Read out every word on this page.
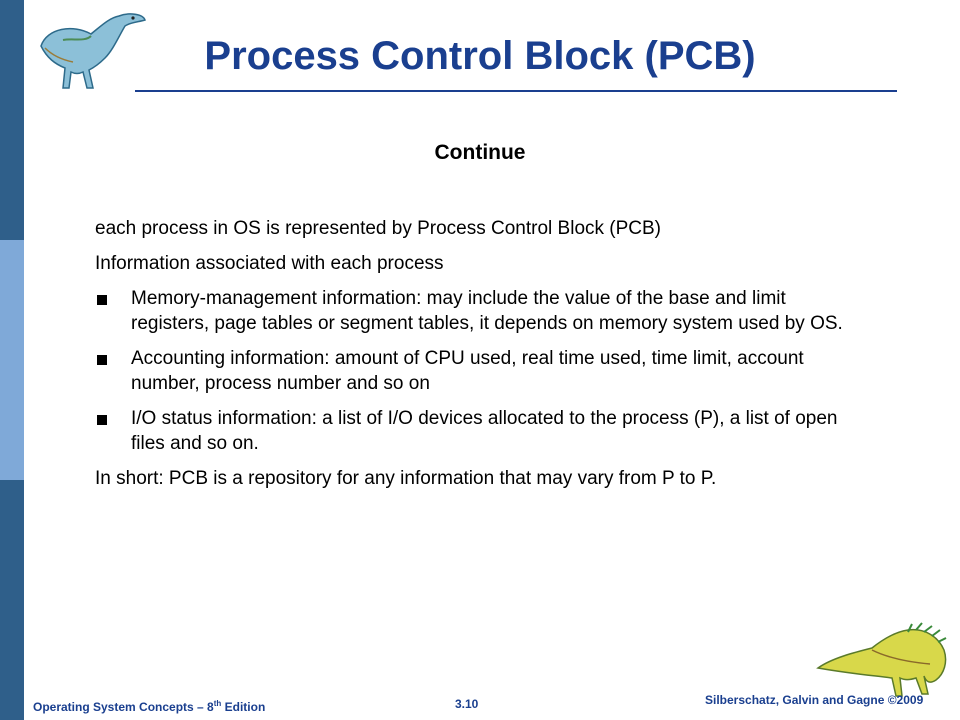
Process Control Block (PCB)

Continue

each process in OS is represented by Process Control Block (PCB)

Information associated with each process

Memory-management information: may include the value of the base and limit registers, page tables or segment tables, it depends on memory system used by OS.
Accounting information: amount of CPU used, real time used, time limit, account number, process number and so on
I/O status information: a list of I/O devices allocated to the process (P), a list of open files and so on.

In short: PCB is a repository for any information that may vary from P to P.

Operating System Concepts – 8th Edition	3.10	Silberschatz, Galvin and Gagne ©2009
